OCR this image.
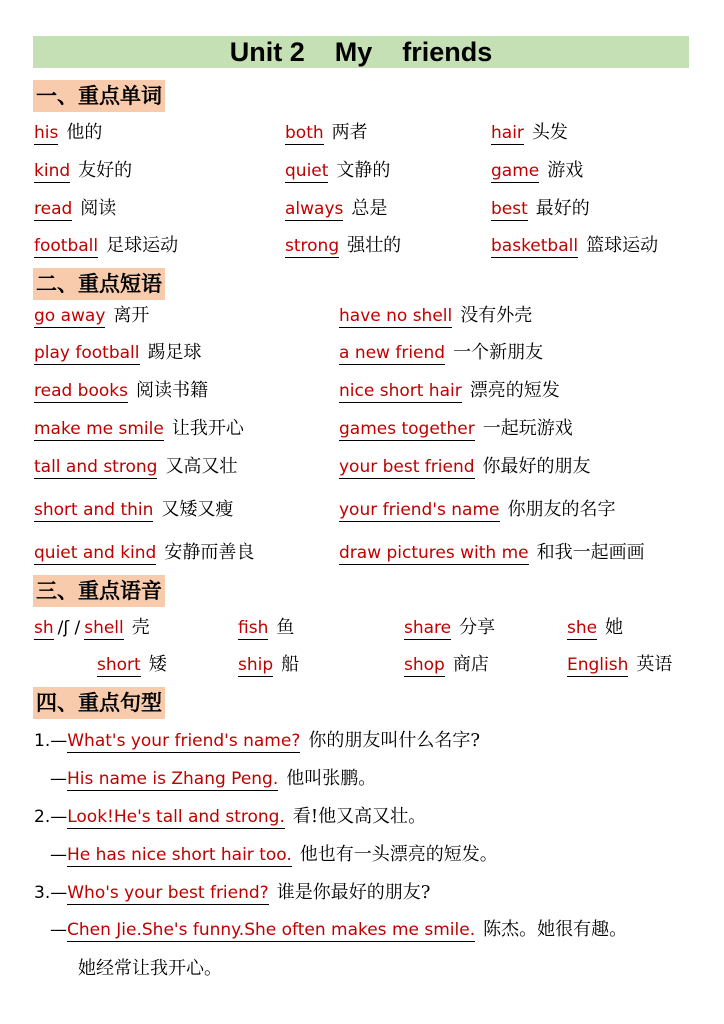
Unit 2    My    friends
一、重点单词
his 他的	both 两者	hair 头发
kind 友好的	quiet 文静的	game 游戏
read 阅读	always 总是	best 最好的
football 足球运动	strong 强壮的	basketball 篮球运动
二、重点短语
go away 离开	have no shell 没有外壳
play football 踢足球	a new friend 一个新朋友
read books 阅读书籍	nice short hair 漂亮的短发
make me smile 让我开心	games together 一起玩游戏
tall and strong 又高又壮	your best friend 你最好的朋友
short and thin 又矮又瘦	your friend's name 你朋友的名字
quiet and kind 安静而善良	draw pictures with me 和我一起画画
三、重点语音
sh /ʃ / shell 壳	fish 鱼	share 分享	she 她
short 矮	ship 船	shop 商店	English 英语
四、重点句型
1.—What's your friend's name? 你的朋友叫什么名字?
—His name is Zhang Peng. 他叫张鹏。
2.—Look!He's tall and strong. 看!他又高又壮。
—He has nice short hair too. 他也有一头漂亮的短发。
3.—Who's your best friend? 谁是你最好的朋友?
—Chen Jie.She's funny.She often makes me smile. 陈杰。她很有趣。
她经常让我开心。
